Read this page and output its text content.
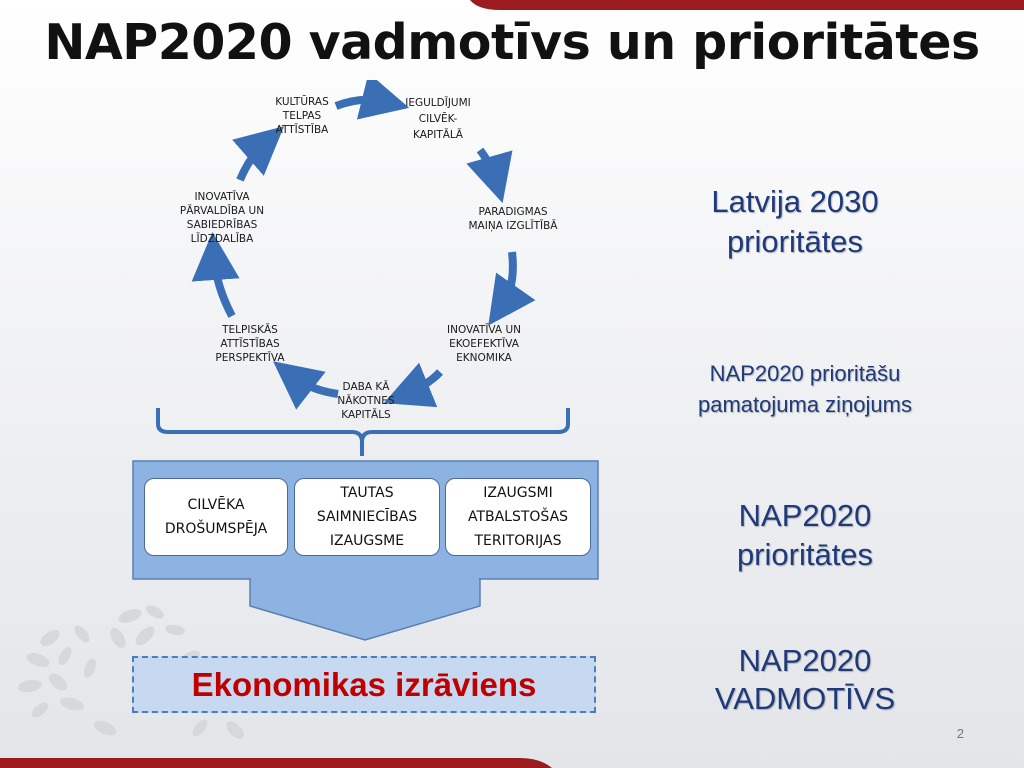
NAP2020 vadmotīvs un prioritātes
IEGULDĪJUMI
CILVĒK-
KAPITĀLĀ
PARADIGMAS
MAIŅA IZGLĪTĪBĀ
INOVATĪVA UN
EKOEFEKTĪVA
EKNOMIKA
DABA KĀ
NĀKOTNES
KAPITĀLS
TELPISKĀS
ATTĪSTĪBAS
PERSPEKTĪVA
INOVATĪVA
PĀRVALDĪBA UN
SABIEDRĪBAS
LĪDZDALĪBA
KULTŪRAS
TELPAS
ATTĪSTĪBA
CILVĒKA
DROŠUMSPĒJA
TAUTAS
SAIMNIECĪBAS
IZAUGSME
IZAUGSMI
ATBALSTOŠAS
TERITORIJAS
Ekonomikas izrāviens
Latvija 2030
prioritātes
NAP2020 prioritāšu
pamatojuma ziņojums
NAP2020
prioritātes
NAP2020
VADMOTĪVS
2
